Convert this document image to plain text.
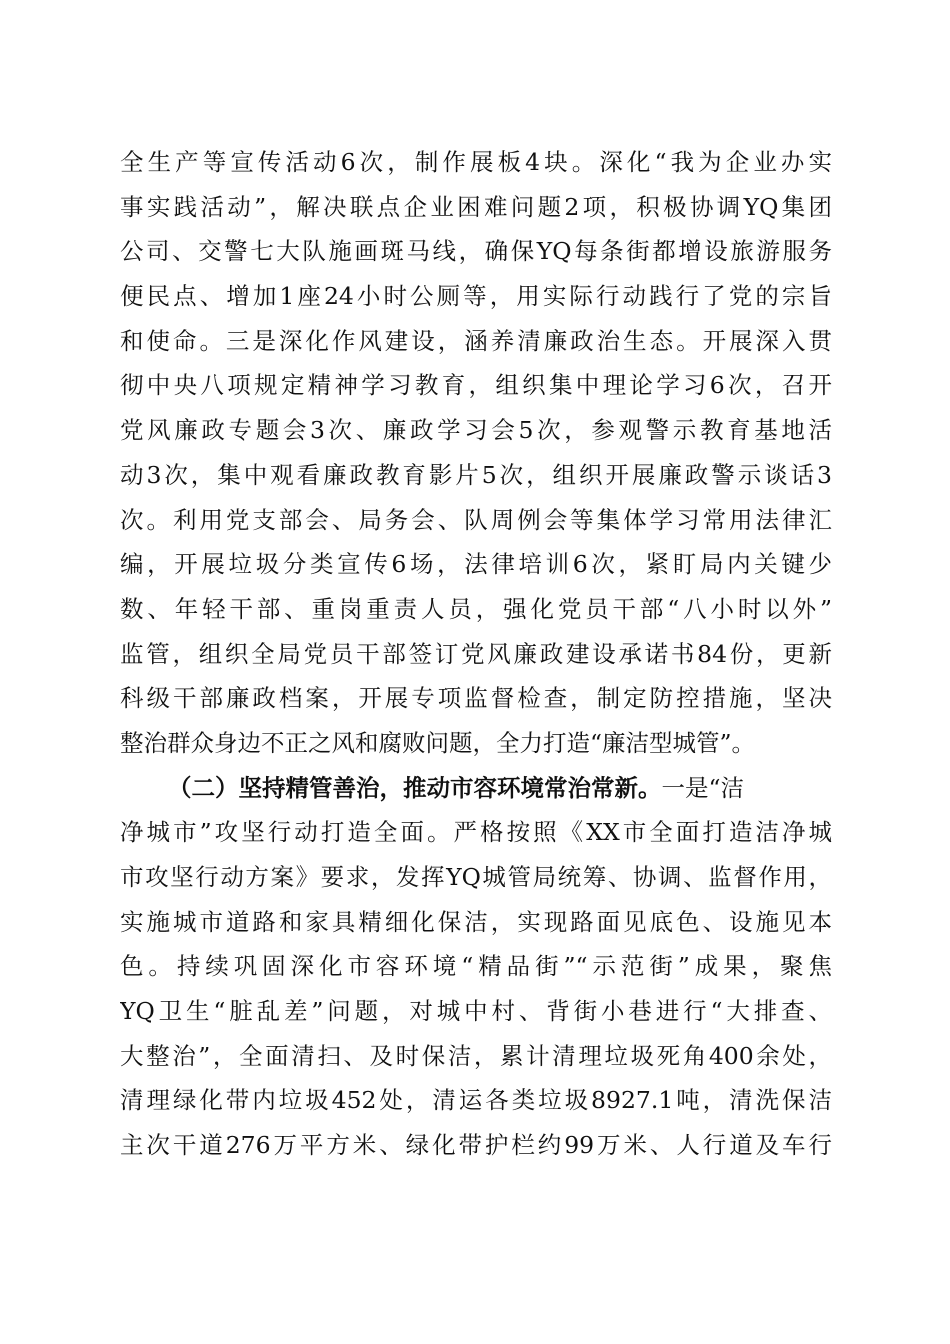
全生产等宣传活动6次，制作展板4块。深化“我为企业办实
事实践活动”，解决联点企业困难问题2项，积极协调YQ集团
公司、交警七大队施画斑马线，确保YQ每条街都增设旅游服务
便民点、增加1座24小时公厕等，用实际行动践行了党的宗旨
和使命。三是深化作风建设，涵养清廉政治生态。开展深入贯
彻中央八项规定精神学习教育，组织集中理论学习6次，召开
党风廉政专题会3次、廉政学习会5次，参观警示教育基地活
动3次，集中观看廉政教育影片5次，组织开展廉政警示谈话3
次。利用党支部会、局务会、队周例会等集体学习常用法律汇
编，开展垃圾分类宣传6场，法律培训6次，紧盯局内关键少
数、年轻干部、重岗重责人员，强化党员干部“八小时以外”
监管，组织全局党员干部签订党风廉政建设承诺书84份，更新
科级干部廉政档案，开展专项监督检查，制定防控措施，坚决
整治群众身边不正之风和腐败问题，全力打造“廉洁型城管”。
（二）坚持精管善治，推动市容环境常治常新。一是“洁
净城市”攻坚行动打造全面。严格按照《XX市全面打造洁净城
市攻坚行动方案》要求，发挥YQ城管局统筹、协调、监督作用，
实施城市道路和家具精细化保洁，实现路面见底色、设施见本
色。持续巩固深化市容环境“精品街”“示范街”成果，聚焦
YQ卫生“脏乱差”问题，对城中村、背街小巷进行“大排查、
大整治”，全面清扫、及时保洁，累计清理垃圾死角400余处，
清理绿化带内垃圾452处，清运各类垃圾8927.1吨，清洗保洁
主次干道276万平方米、绿化带护栏约99万米、人行道及车行
